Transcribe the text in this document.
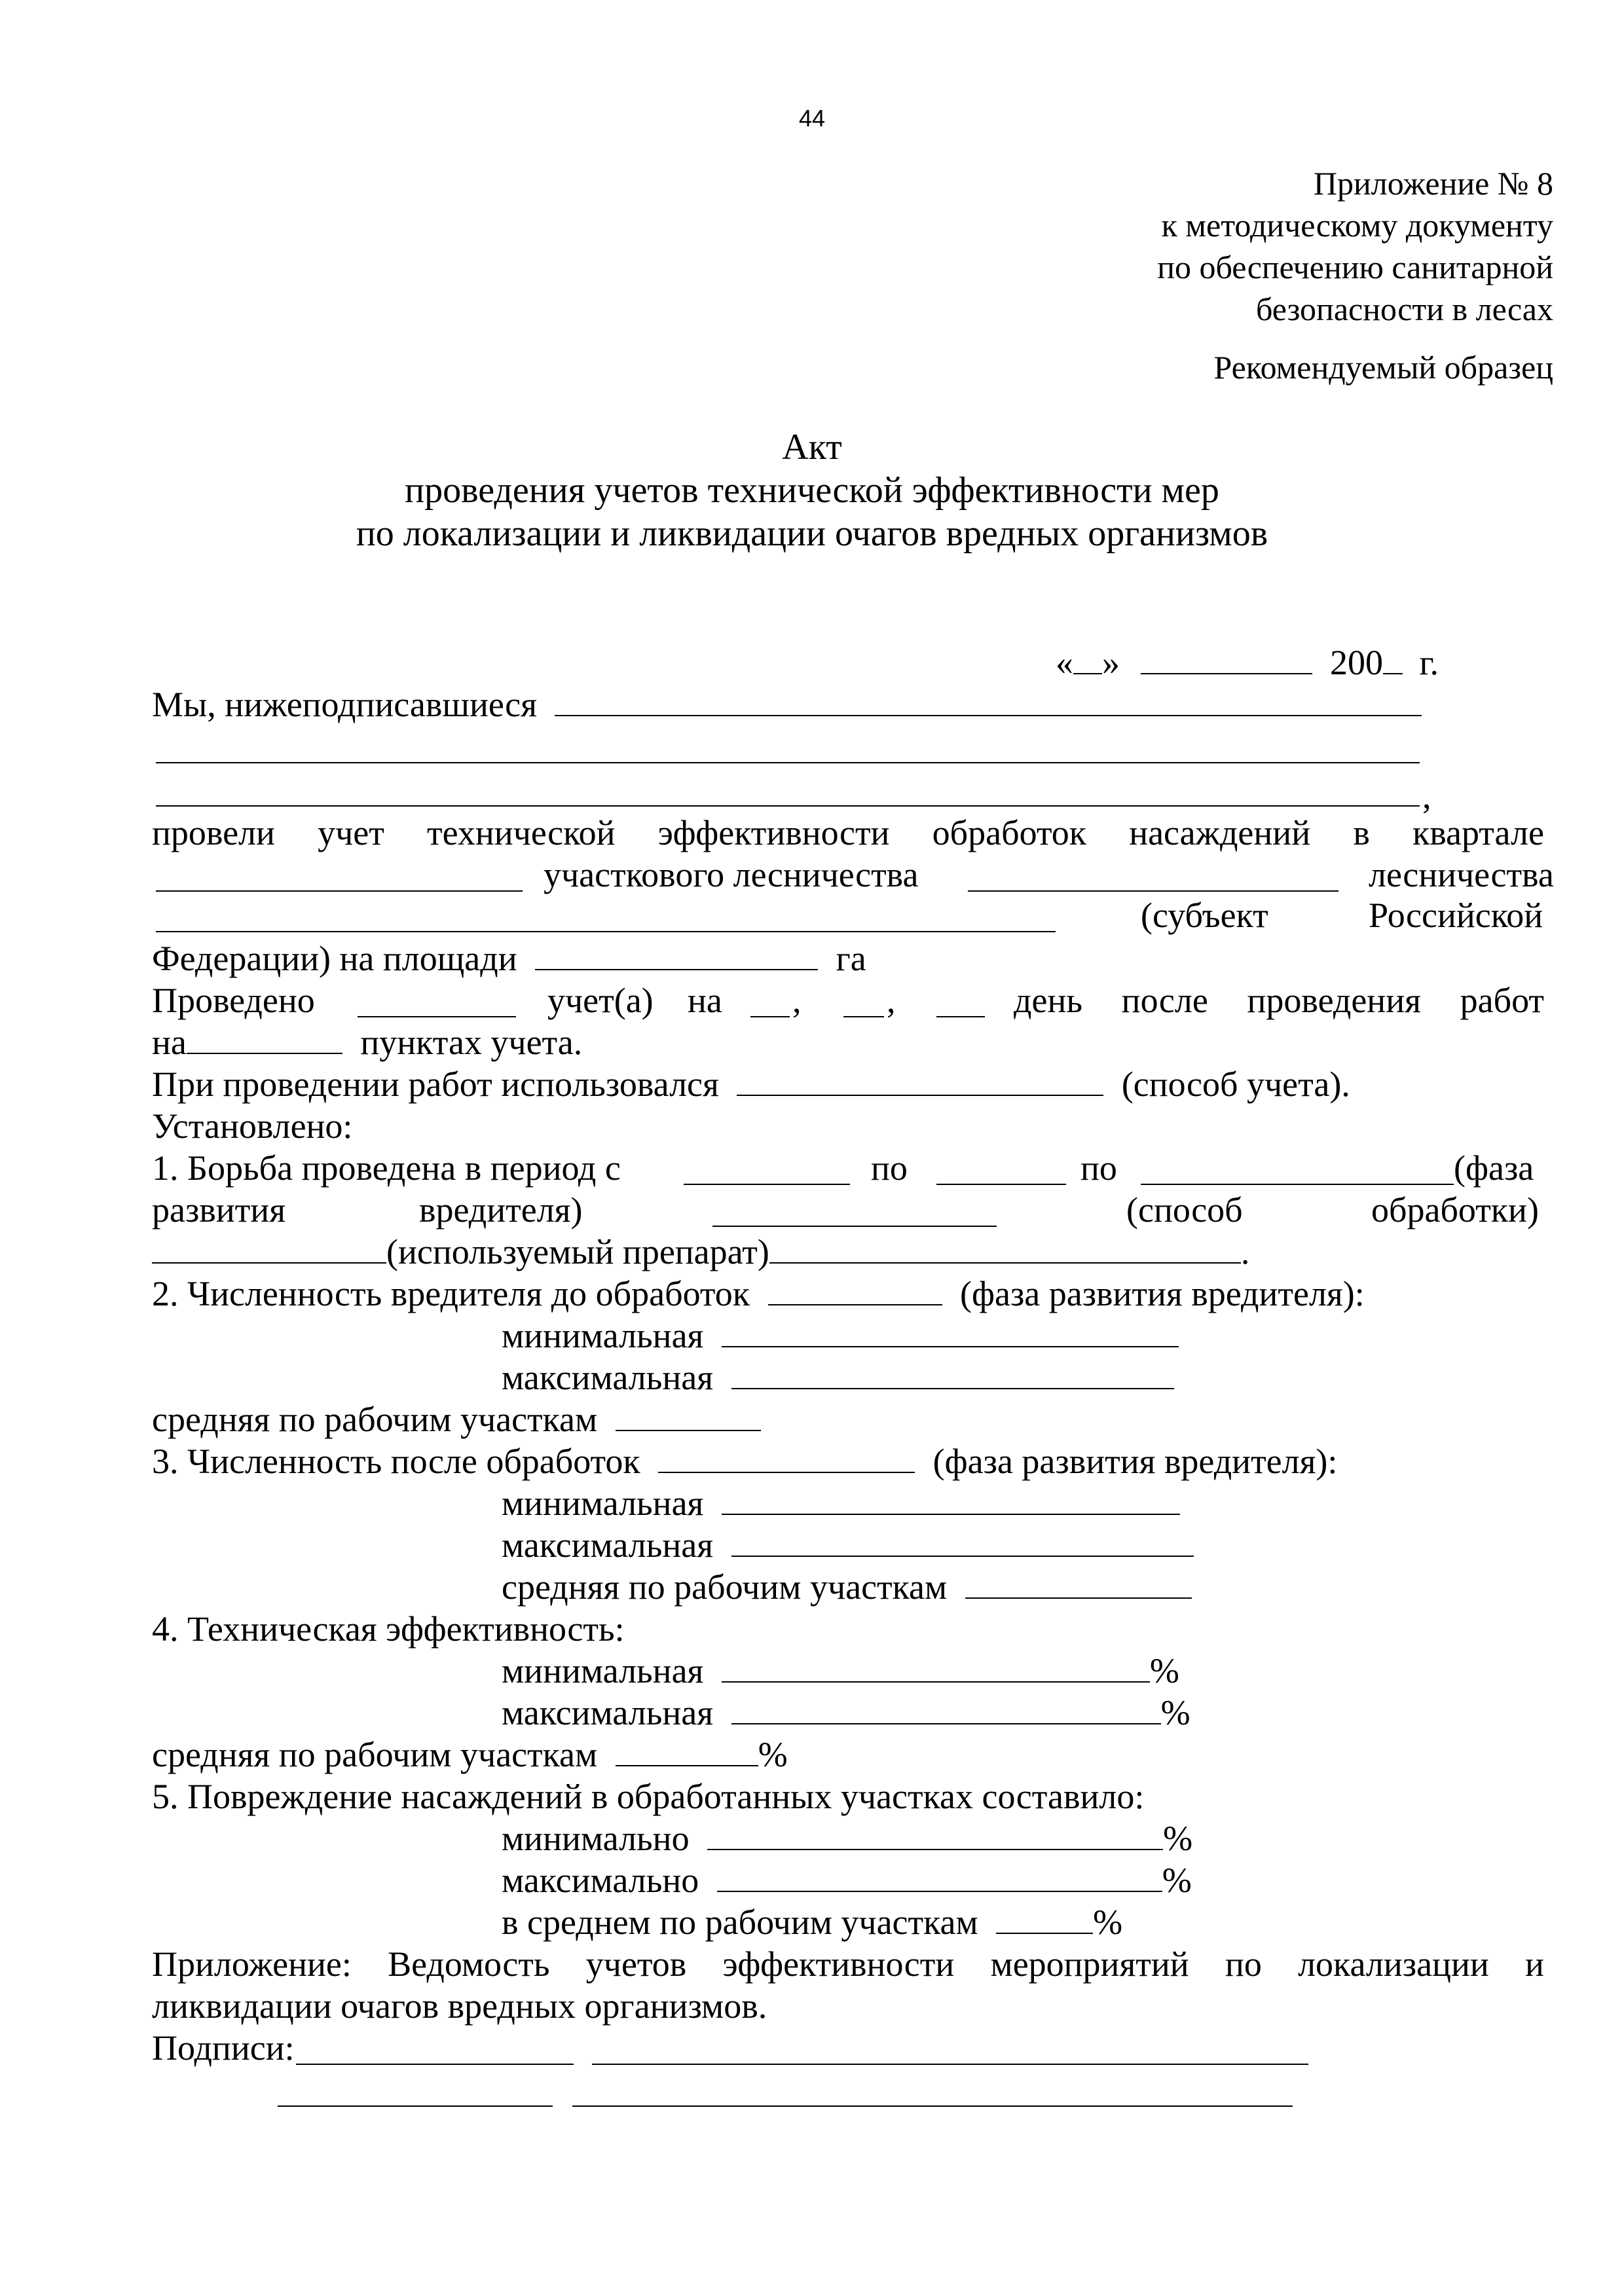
44
Приложение № 8
к методическому документу
по обеспечению санитарной
безопасности в лесах
Рекомендуемый образец
Акт
проведения учетов технической эффективности мер
по локализации и ликвидации очагов вредных организмов
« »	200 г.
Мы, нижеподписавшиеся
,
провели учет технической эффективности обработок насаждений в квартале
участкового лесничества	лесничества
(субъект	Российской
Федерации) на площади	га
Проведено	учет(а) на , ,	день после проведения работ
на	пунктах учета.
При проведении работ использовался	(способ учета).
Установлено:
1. Борьба проведена в период с	по	по	(фаза
развития	вредителя)	(способ	обработки)
(используемый препарат)	.
2. Численность вредителя до обработок	(фаза развития вредителя):
минимальная
максимальная
средняя по рабочим участкам
3. Численность после обработок	(фаза развития вредителя):
минимальная
максимальная
средняя по рабочим участкам
4. Техническая эффективность:
минимальная	%
максимальная	%
средняя по рабочим участкам	%
5. Повреждение насаждений в обработанных участках составило:
минимально	%
максимально	%
в среднем по рабочим участкам	%
Приложение: Ведомость учетов эффективности мероприятий по локализации и
ликвидации очагов вредных организмов.
Подписи:
